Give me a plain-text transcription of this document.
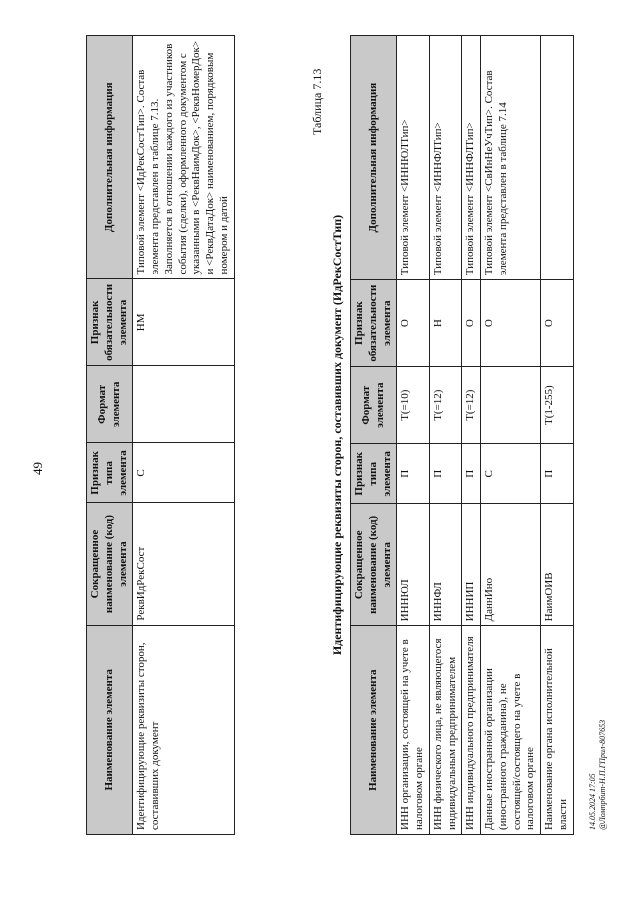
49
Наименование элемента	Сокращенное наименование (код) элемента	Признак типа элемента	Формат элемента	Признак обязательности элемента	Дополнительная информация
Идентифицирующие реквизиты сторон, составивших документ	РеквИдРекСост	С		НМ	Типовой элемент <ИдРекСостТип>. Состав элемента представлен в таблице 7.13. Заполняется в отношении каждого из участников события (сделки), оформленного документом с указанными в <РеквНаимДок>, <РеквНомерДок> и <РеквДатаДок> наименованием, порядковым номером и датой
Таблица 7.13
Идентифицирующие реквизиты сторон, составивших документ (ИдРекСостТип)
Наименование элемента	Сокращенное наименование (код) элемента	Признак типа элемента	Формат элемента	Признак обязательности элемента	Дополнительная информация
ИНН организации, состоящей на учете в налоговом органе	ИННЮЛ	П	T(=10)	О	Типовой элемент <ИННЮЛТип>
ИНН физического лица, не являющегося индивидуальным предпринимателем	ИННФЛ	П	T(=12)	Н	Типовой элемент <ИННФЛТип>
ИНН индивидуального предпринимателя	ИННИП	П	T(=12)	О	Типовой элемент <ИННФЛТип>
Данные иностранной организации (иностранного гражданина), не состоящей/состоящего на учете в налоговом органе	ДаннИно	С		О	Типовой элемент <СвИнНеУчТип>. Состав элемента представлен в таблице 7.14
Наименование органа исполнительной власти	НаимОИВ	П	T(1-255)	О	
14.05.2024 17:05 @Ломпрбит-Н.П.ГПрил-807653
